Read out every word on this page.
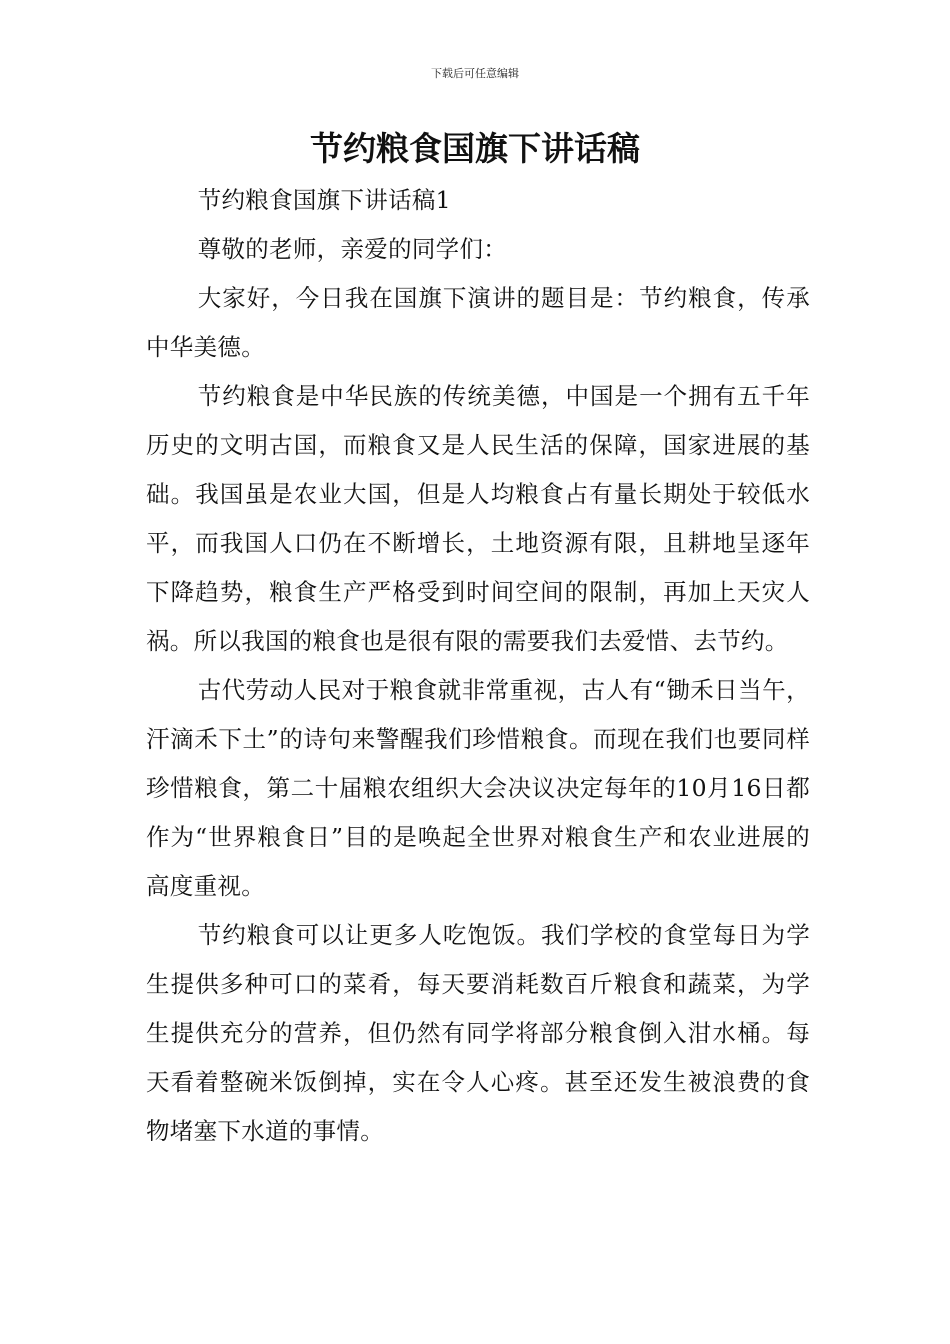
下载后可任意编辑
节约粮食国旗下讲话稿

节约粮食国旗下讲话稿1

尊敬的老师，亲爱的同学们：

大家好，今日我在国旗下演讲的题目是：节约粮食，传承中华美德。

节约粮食是中华民族的传统美德，中国是一个拥有五千年历史的文明古国，而粮食又是人民生活的保障，国家进展的基础。我国虽是农业大国，但是人均粮食占有量长期处于较低水平，而我国人口仍在不断增长，土地资源有限，且耕地呈逐年下降趋势，粮食生产严格受到时间空间的限制，再加上天灾人祸。所以我国的粮食也是很有限的需要我们去爱惜、去节约。

古代劳动人民对于粮食就非常重视，古人有“锄禾日当午，汗滴禾下土”的诗句来警醒我们珍惜粮食。而现在我们也要同样珍惜粮食，第二十届粮农组织大会决议决定每年的10月16日都作为“世界粮食日”目的是唤起全世界对粮食生产和农业进展的高度重视。

节约粮食可以让更多人吃饱饭。我们学校的食堂每日为学生提供多种可口的菜肴，每天要消耗数百斤粮食和蔬菜，为学生提供充分的营养，但仍然有同学将部分粮食倒入泔水桶。每天看着整碗米饭倒掉，实在令人心疼。甚至还发生被浪费的食物堵塞下水道的事情。
